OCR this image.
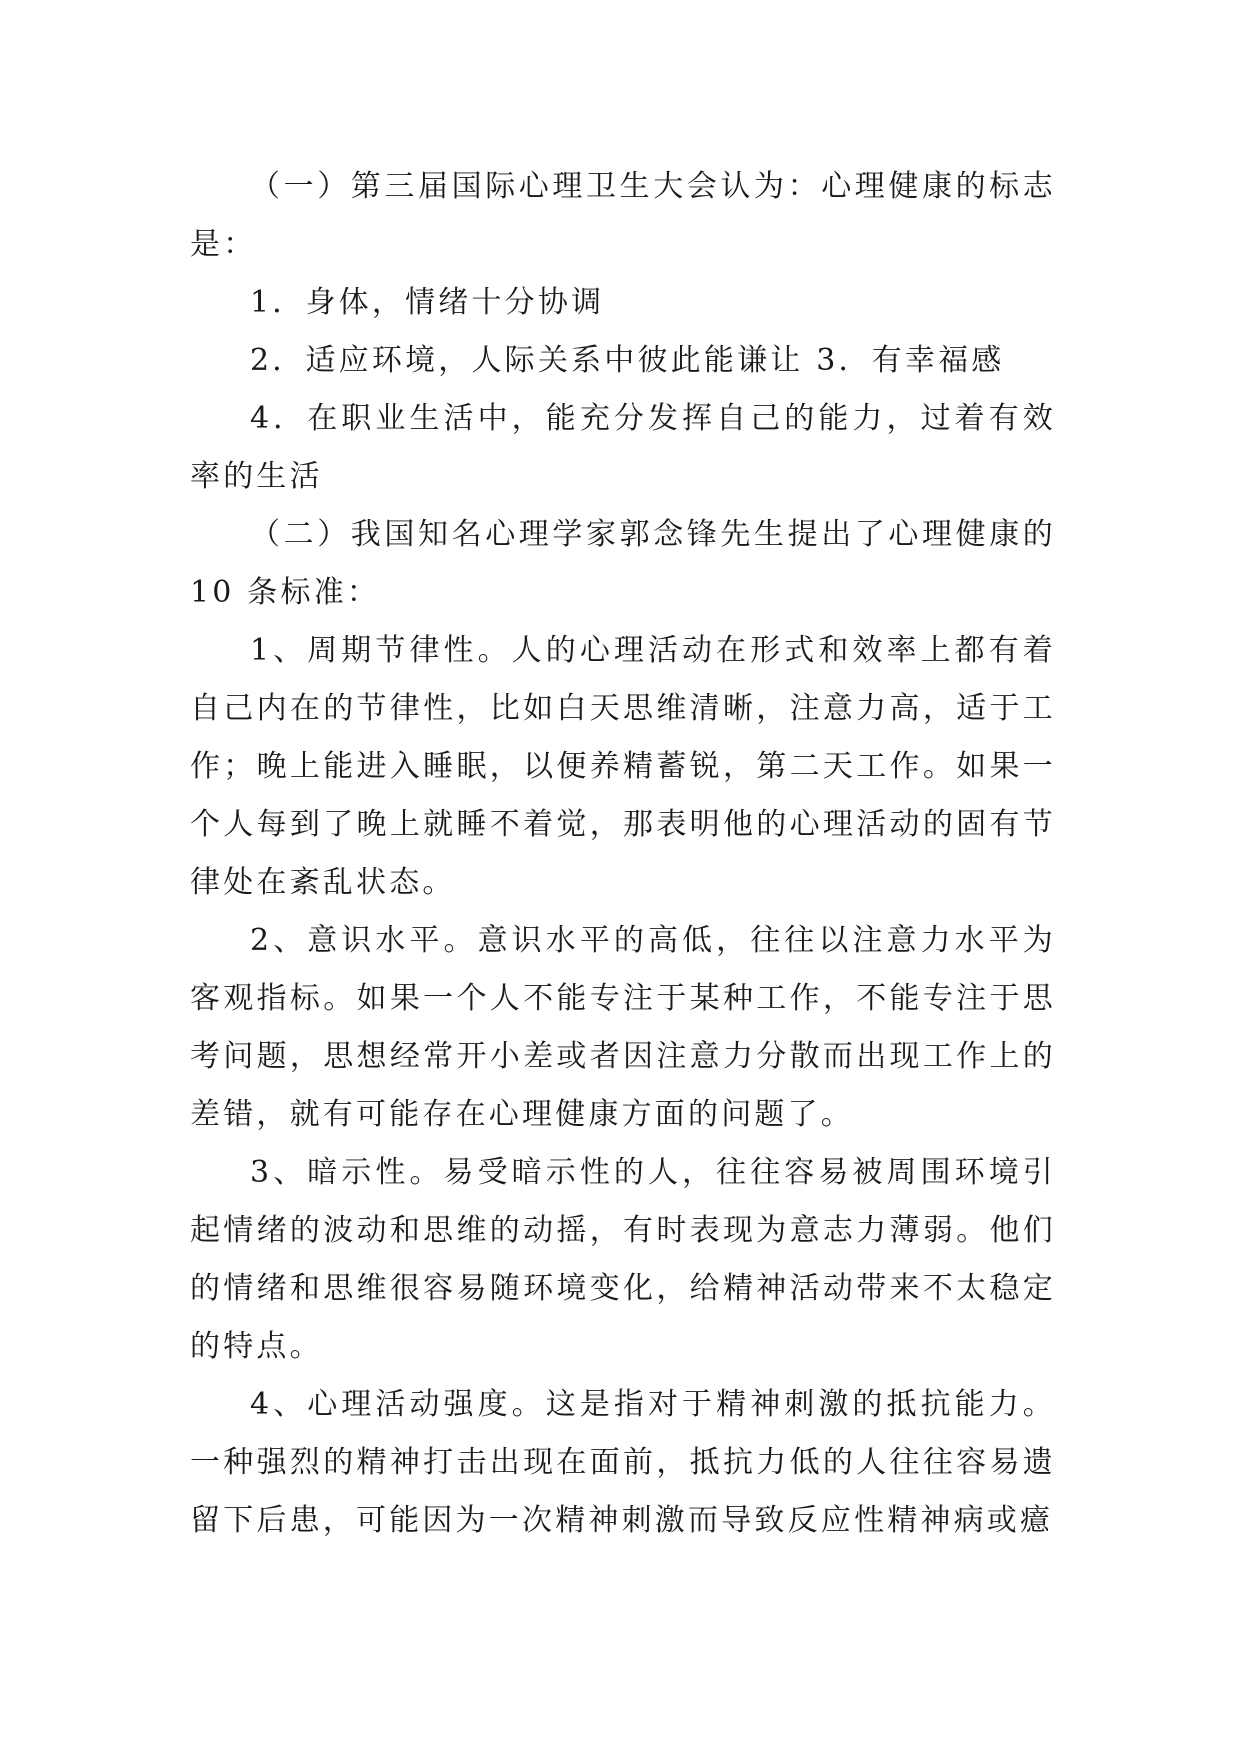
（一）第三届国际心理卫生大会认为：心理健康的标志是：

1．身体，情绪十分协调

2．适应环境，人际关系中彼此能谦让 3．有幸福感

4．在职业生活中，能充分发挥自己的能力，过着有效率的生活

（二）我国知名心理学家郭念锋先生提出了心理健康的 10 条标准：

1、周期节律性。人的心理活动在形式和效率上都有着自己内在的节律性，比如白天思维清晰，注意力高，适于工作；晚上能进入睡眠，以便养精蓄锐，第二天工作。如果一个人每到了晚上就睡不着觉，那表明他的心理活动的固有节律处在紊乱状态。

2、意识水平。意识水平的高低，往往以注意力水平为客观指标。如果一个人不能专注于某种工作，不能专注于思考问题，思想经常开小差或者因注意力分散而出现工作上的差错，就有可能存在心理健康方面的问题了。

3、暗示性。易受暗示性的人，往往容易被周围环境引起情绪的波动和思维的动摇，有时表现为意志力薄弱。他们的情绪和思维很容易随环境变化，给精神活动带来不太稳定的特点。

4、心理活动强度。这是指对于精神刺激的抵抗能力。一种强烈的精神打击出现在面前，抵抗力低的人往往容易遗留下后患，可能因为一次精神刺激而导致反应性精神病或癔
